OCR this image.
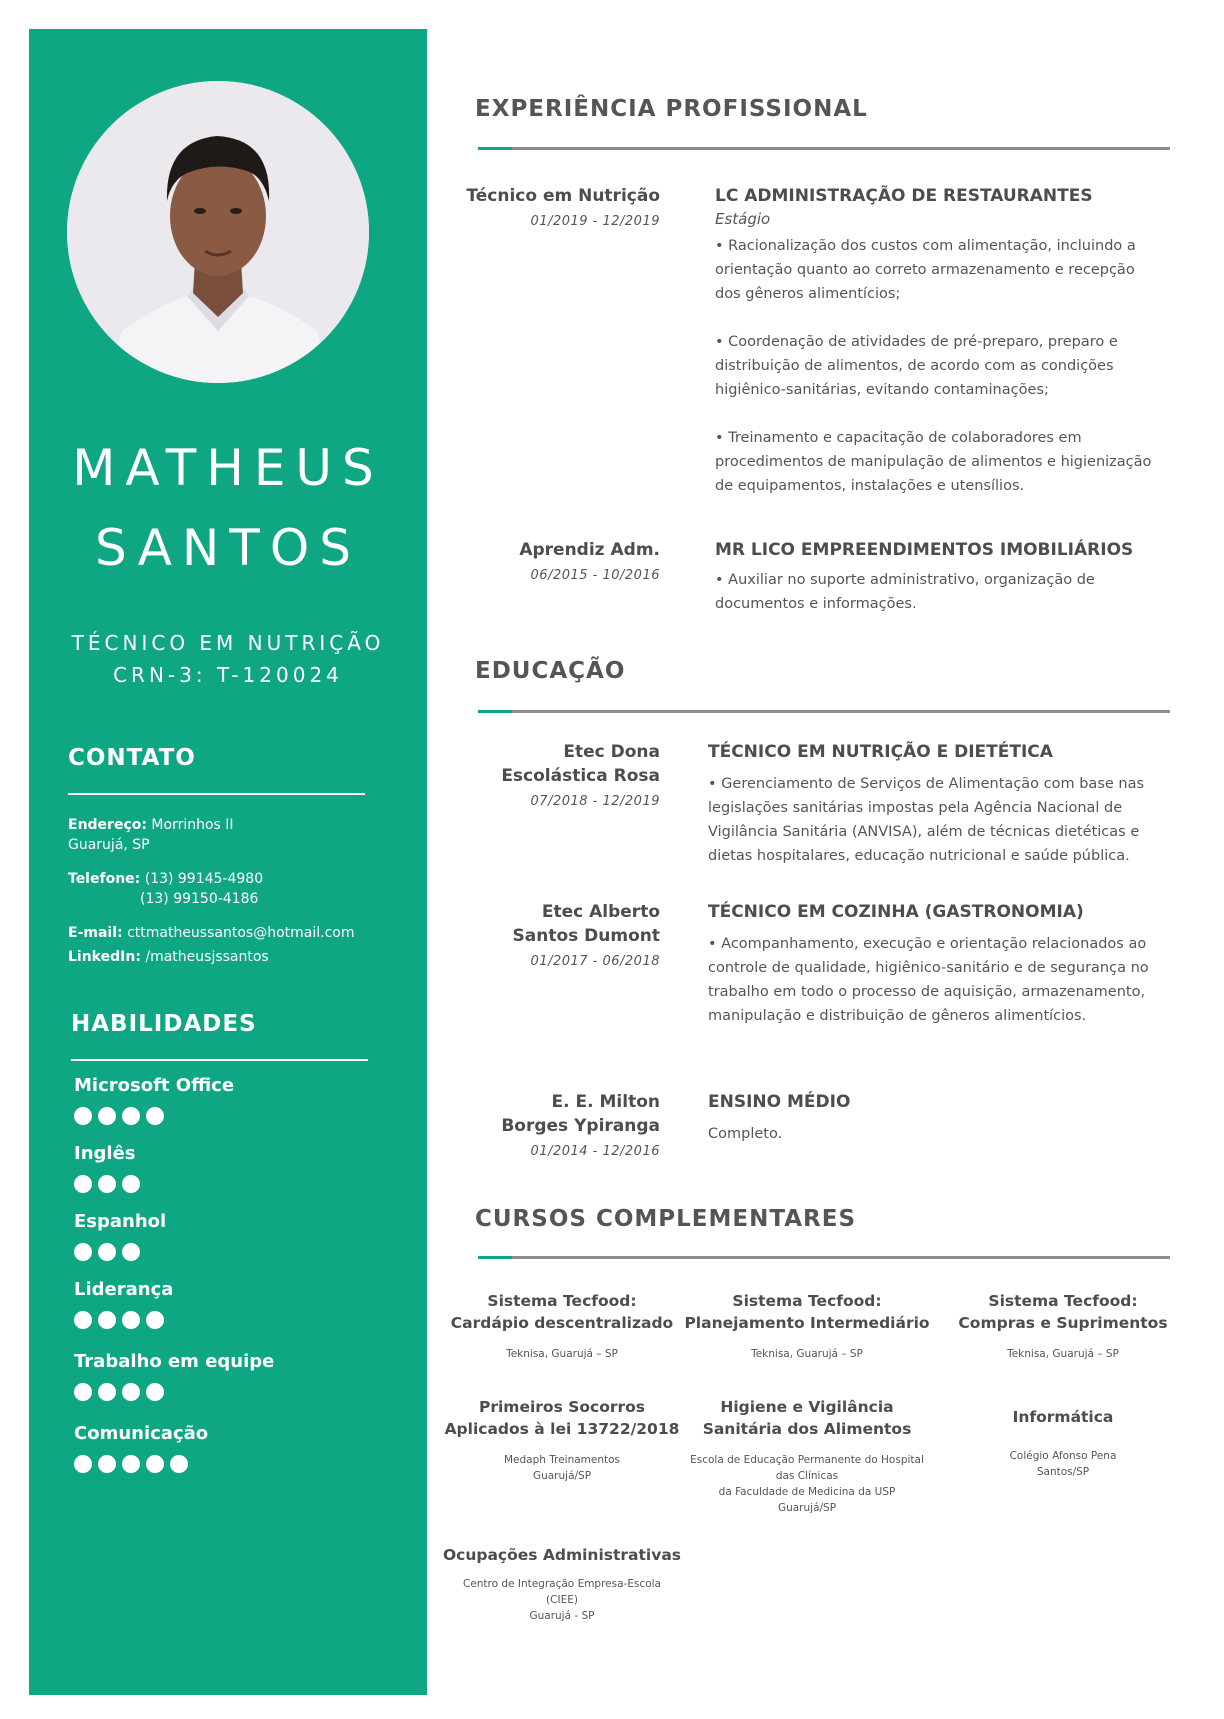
MATHEUS
SANTOS
TÉCNICO EM NUTRIÇÃO
CRN-3: T-120024
CONTATO
Endereço: Morrinhos II
Guarujá, SP
Telefone: (13) 99145-4980
(13) 99150-4186
E-mail: cttmatheussantos@hotmail.com
LinkedIn: /matheusjssantos
HABILIDADES
Microsoft Office
Inglês
Espanhol
Liderança
Trabalho em equipe
Comunicação
EXPERIÊNCIA PROFISSIONAL
Técnico em Nutrição
01/2019 - 12/2019
LC ADMINISTRAÇÃO DE RESTAURANTES
Estágio

• Racionalização dos custos com alimentação, incluindo a orientação quanto ao correto armazenamento e recepção dos gêneros alimentícios;

• Coordenação de atividades de pré-preparo, preparo e distribuição de alimentos, de acordo com as condições higiênico-sanitárias, evitando contaminações;

• Treinamento e capacitação de colaboradores em procedimentos de manipulação de alimentos e higienização de equipamentos, instalações e utensílios.

Aprendiz Adm.
06/2015 - 10/2016
MR LICO EMPREENDIMENTOS IMOBILIÁRIOS

• Auxiliar no suporte administrativo, organização de documentos e informações.

EDUCAÇÃO
Etec Dona
Escolástica Rosa
07/2018 - 12/2019
TÉCNICO EM NUTRIÇÃO E DIETÉTICA

• Gerenciamento de Serviços de Alimentação com base nas legislações sanitárias impostas pela Agência Nacional de Vigilância Sanitária (ANVISA), além de técnicas dietéticas e dietas hospitalares, educação nutricional e saúde pública.

Etec Alberto
Santos Dumont
01/2017 - 06/2018
TÉCNICO EM COZINHA (GASTRONOMIA)

• Acompanhamento, execução e orientação relacionados ao controle de qualidade, higiênico-sanitário e de segurança no trabalho em todo o processo de aquisição, armazenamento, manipulação e distribuição de gêneros alimentícios.

E. E. Milton
Borges Ypiranga
01/2014 - 12/2016
ENSINO MÉDIO

Completo.

CURSOS COMPLEMENTARES
Sistema Tecfood:
Cardápio descentralizado
Teknisa, Guarujá – SP
Sistema Tecfood:
Planejamento Intermediário
Teknisa, Guarujá – SP
Sistema Tecfood:
Compras e Suprimentos
Teknisa, Guarujá – SP
Primeiros Socorros
Aplicados à lei 13722/2018
Medaph Treinamentos
Guarujá/SP
Higiene e Vigilância
Sanitária dos Alimentos
Escola de Educação Permanente do Hospital
das Clínicas
da Faculdade de Medicina da USP
Guarujá/SP
Informática
Colégio Afonso Pena
Santos/SP
Ocupações Administrativas
Centro de Integração Empresa-Escola
(CIEE)
Guarujá - SP
